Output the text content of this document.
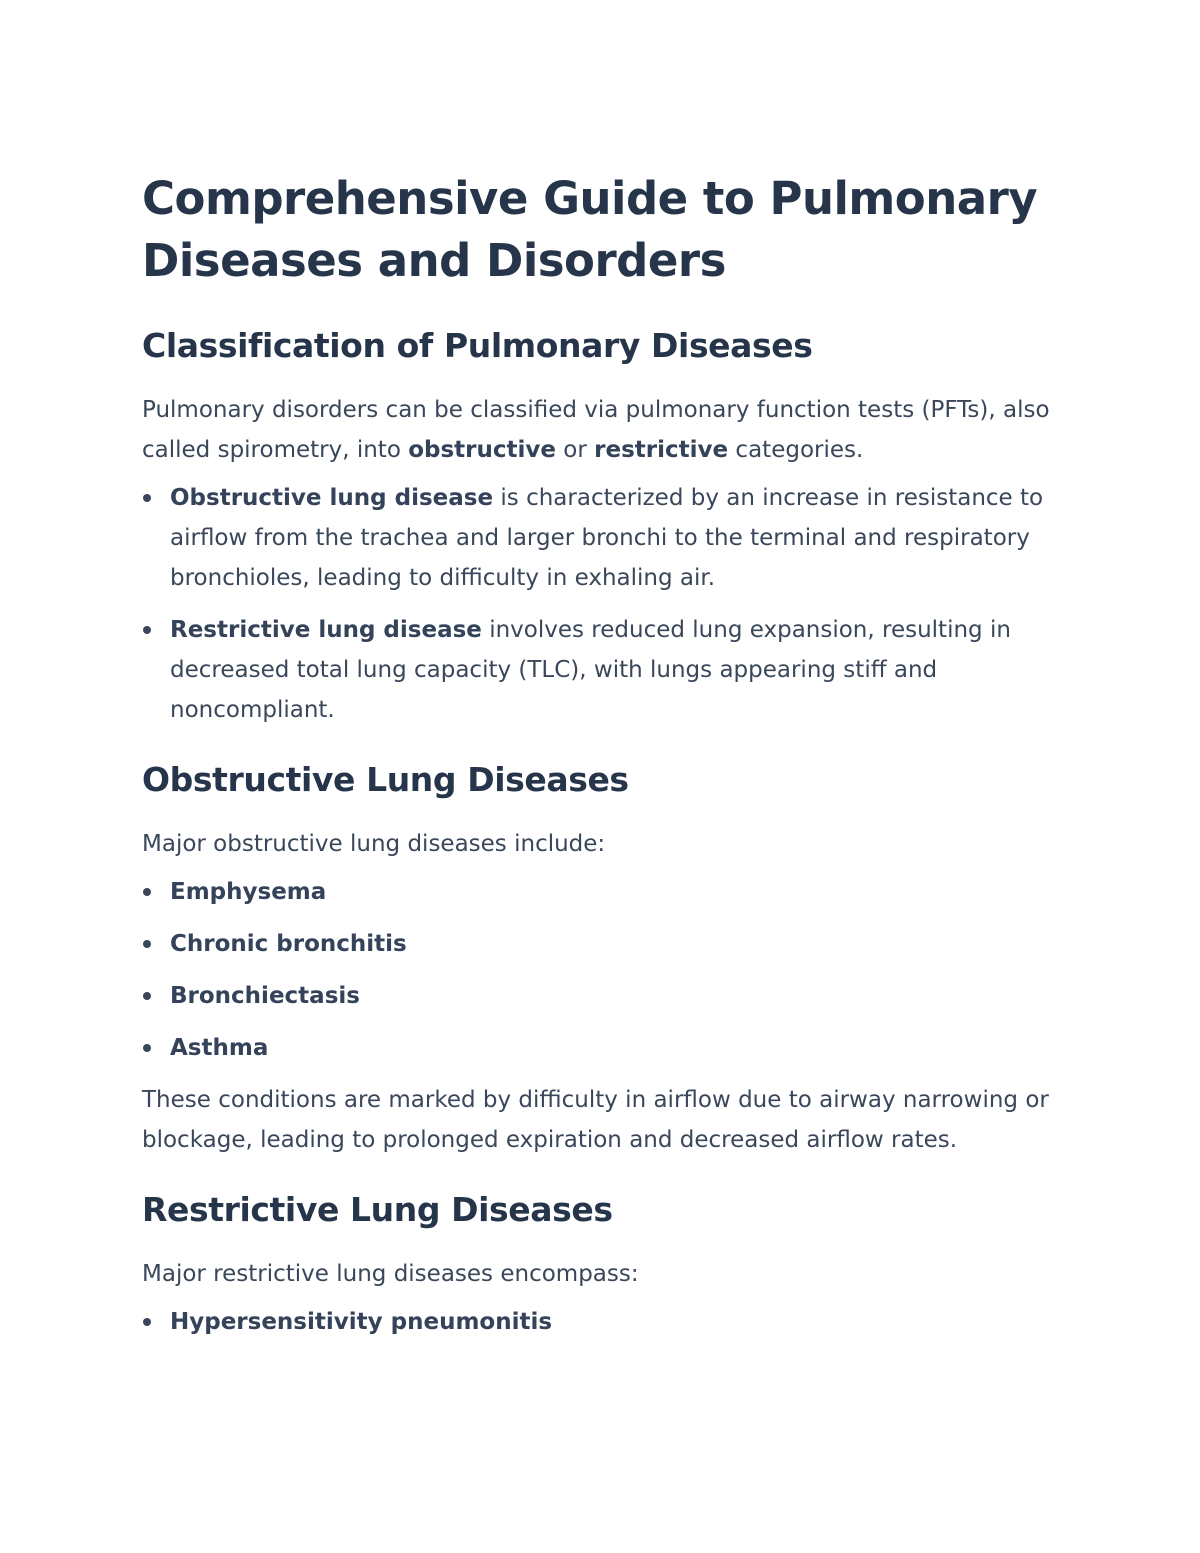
Comprehensive Guide to Pulmonary Diseases and Disorders
Classification of Pulmonary Diseases

Pulmonary disorders can be classified via pulmonary function tests (PFTs), also called spirometry, into obstructive or restrictive categories.

Obstructive lung disease is characterized by an increase in resistance to airflow from the trachea and larger bronchi to the terminal and respiratory bronchioles, leading to difficulty in exhaling air.
Restrictive lung disease involves reduced lung expansion, resulting in decreased total lung capacity (TLC), with lungs appearing stiff and noncompliant.
Obstructive Lung Diseases

Major obstructive lung diseases include:

Emphysema
Chronic bronchitis
Bronchiectasis
Asthma

These conditions are marked by difficulty in airflow due to airway narrowing or blockage, leading to prolonged expiration and decreased airflow rates.

Restrictive Lung Diseases

Major restrictive lung diseases encompass:

Hypersensitivity pneumonitis
